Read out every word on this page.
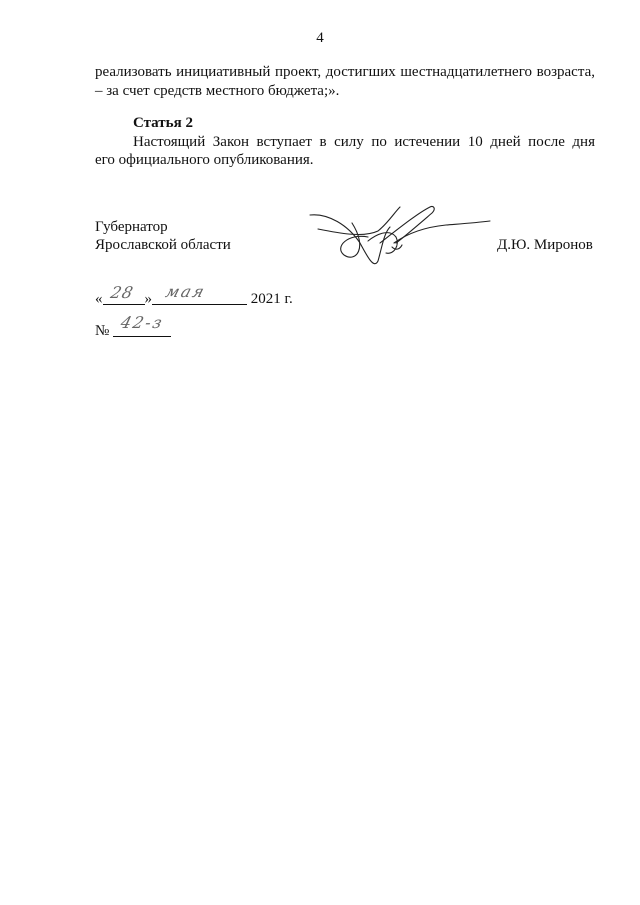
4
реализовать инициативный проект, достигших шестнадцатилетнего возраста,
– за счет средств местного бюджета;».
Статья 2
Настоящий Закон вступает в силу по истечении 10 дней после дня
его официального опубликования.
Губернатор
Ярославской области	Д.Ю. Миронов
« 28 » мая	2021 г.
№ 42-з
